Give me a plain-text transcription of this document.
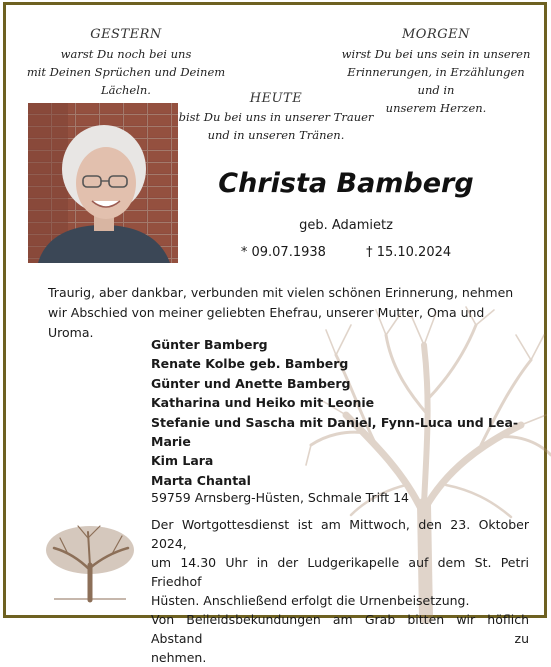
GESTERN
warst Du noch bei uns
mit Deinen Sprüchen und Deinem Lächeln.
MORGEN
wirst Du bei uns sein in unseren
Erinnerungen, in Erzählungen und in
unserem Herzen.
HEUTE
bist Du bei uns in unserer Trauer
und in unseren Tränen.
Christa Bamberg
geb. Adamietz
* 09.07.1938	† 15.10.2024
Traurig, aber dankbar, verbunden mit vielen schönen Erinnerung, nehmen wir Abschied von meiner geliebten Ehefrau, unserer Mutter, Oma und Uroma.
Günter Bamberg
Renate Kolbe geb. Bamberg
Günter und Anette Bamberg
Katharina und Heiko mit Leonie
Stefanie und Sascha mit Daniel, Fynn-Luca und Lea-Marie
Kim Lara
Marta Chantal
59759 Arnsberg-Hüsten, Schmale Trift 14
Der Wortgottesdienst ist am Mittwoch, den 23. Oktober 2024,
um 14.30 Uhr in der Ludgerikapelle auf dem St. Petri Friedhof
Hüsten. Anschließend erfolgt die Urnenbeisetzung.
Von Beileidsbekundungen am Grab bitten wir höflich Abstand zu
nehmen.
